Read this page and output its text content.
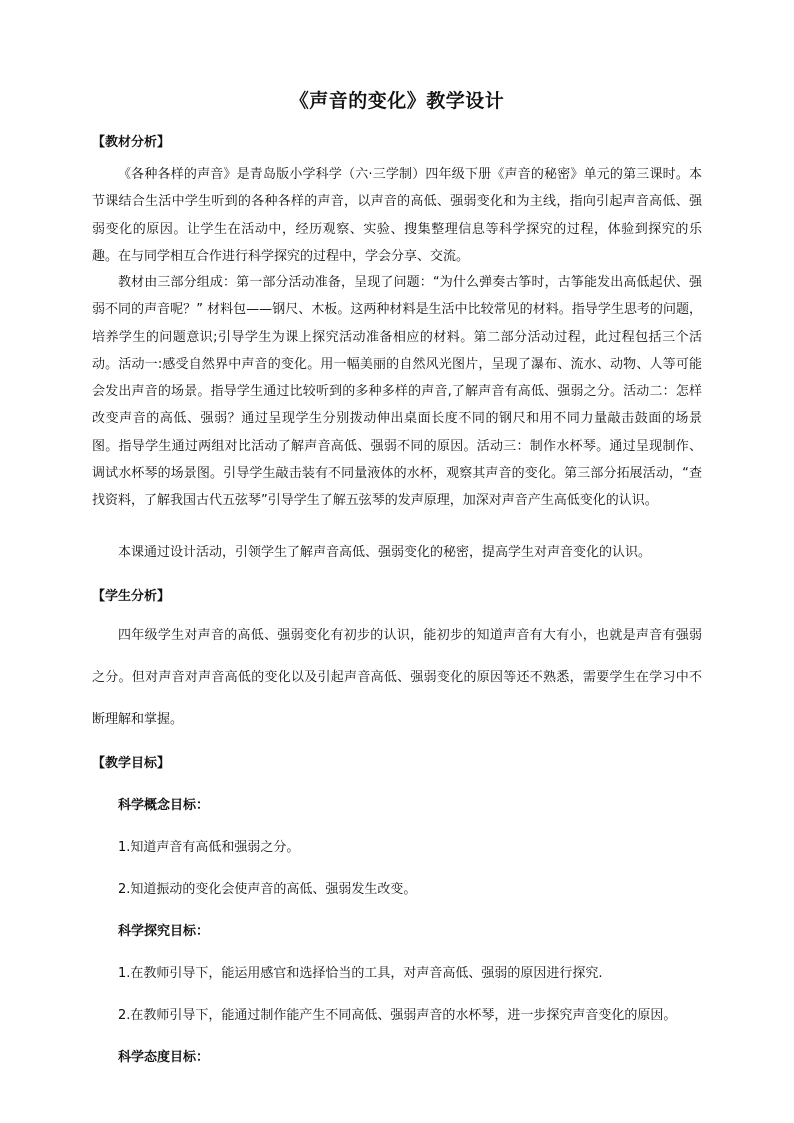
《声音的变化》教学设计
【教材分析】

《各种各样的声音》是青岛版小学科学（六·三学制）四年级下册《声音的秘密》单元的第三课时。本节课结合生活中学生听到的各种各样的声音，以声音的高低、强弱变化和为主线，指向引起声音高低、强弱变化的原因。让学生在活动中，经历观察、实验、搜集整理信息等科学探究的过程，体验到探究的乐趣。在与同学相互合作进行科学探究的过程中，学会分享、交流。

教材由三部分组成：第一部分活动准备，呈现了问题：“为什么弹奏古筝时，古筝能发出高低起伏、强弱不同的声音呢？” 材料包——钢尺、木板。这两种材料是生活中比较常见的材料。指导学生思考的问题，培养学生的问题意识;引导学生为课上探究活动准备相应的材料。第二部分活动过程，此过程包括三个活动。活动一:感受自然界中声音的变化。用一幅美丽的自然风光图片，呈现了瀑布、流水、动物、人等可能会发出声音的场景。指导学生通过比较听到的多种多样的声音,了解声音有高低、强弱之分。活动二：怎样改变声音的高低、强弱？通过呈现学生分别拨动伸出桌面长度不同的钢尺和用不同力量敲击鼓面的场景图。指导学生通过两组对比活动了解声音高低、强弱不同的原因。活动三：制作水杯琴。通过呈现制作、调试水杯琴的场景图。引导学生敲击装有不同量液体的水杯，观察其声音的变化。第三部分拓展活动，“查找资料，了解我国古代五弦琴”引导学生了解五弦琴的发声原理，加深对声音产生高低变化的认识。

本课通过设计活动，引领学生了解声音高低、强弱变化的秘密，提高学生对声音变化的认识。

【学生分析】

四年级学生对声音的高低、强弱变化有初步的认识，能初步的知道声音有大有小，也就是声音有强弱之分。但对声音对声音高低的变化以及引起声音高低、强弱变化的原因等还不熟悉，需要学生在学习中不断理解和掌握。

【教学目标】
科学概念目标：
1.知道声音有高低和强弱之分。
2.知道振动的变化会使声音的高低、强弱发生改变。
科学探究目标：
1.在教师引导下，能运用感官和选择恰当的工具，对声音高低、强弱的原因进行探究.
2.在教师引导下，能通过制作能产生不同高低、强弱声音的水杯琴，进一步探究声音变化的原因。
科学态度目标：
